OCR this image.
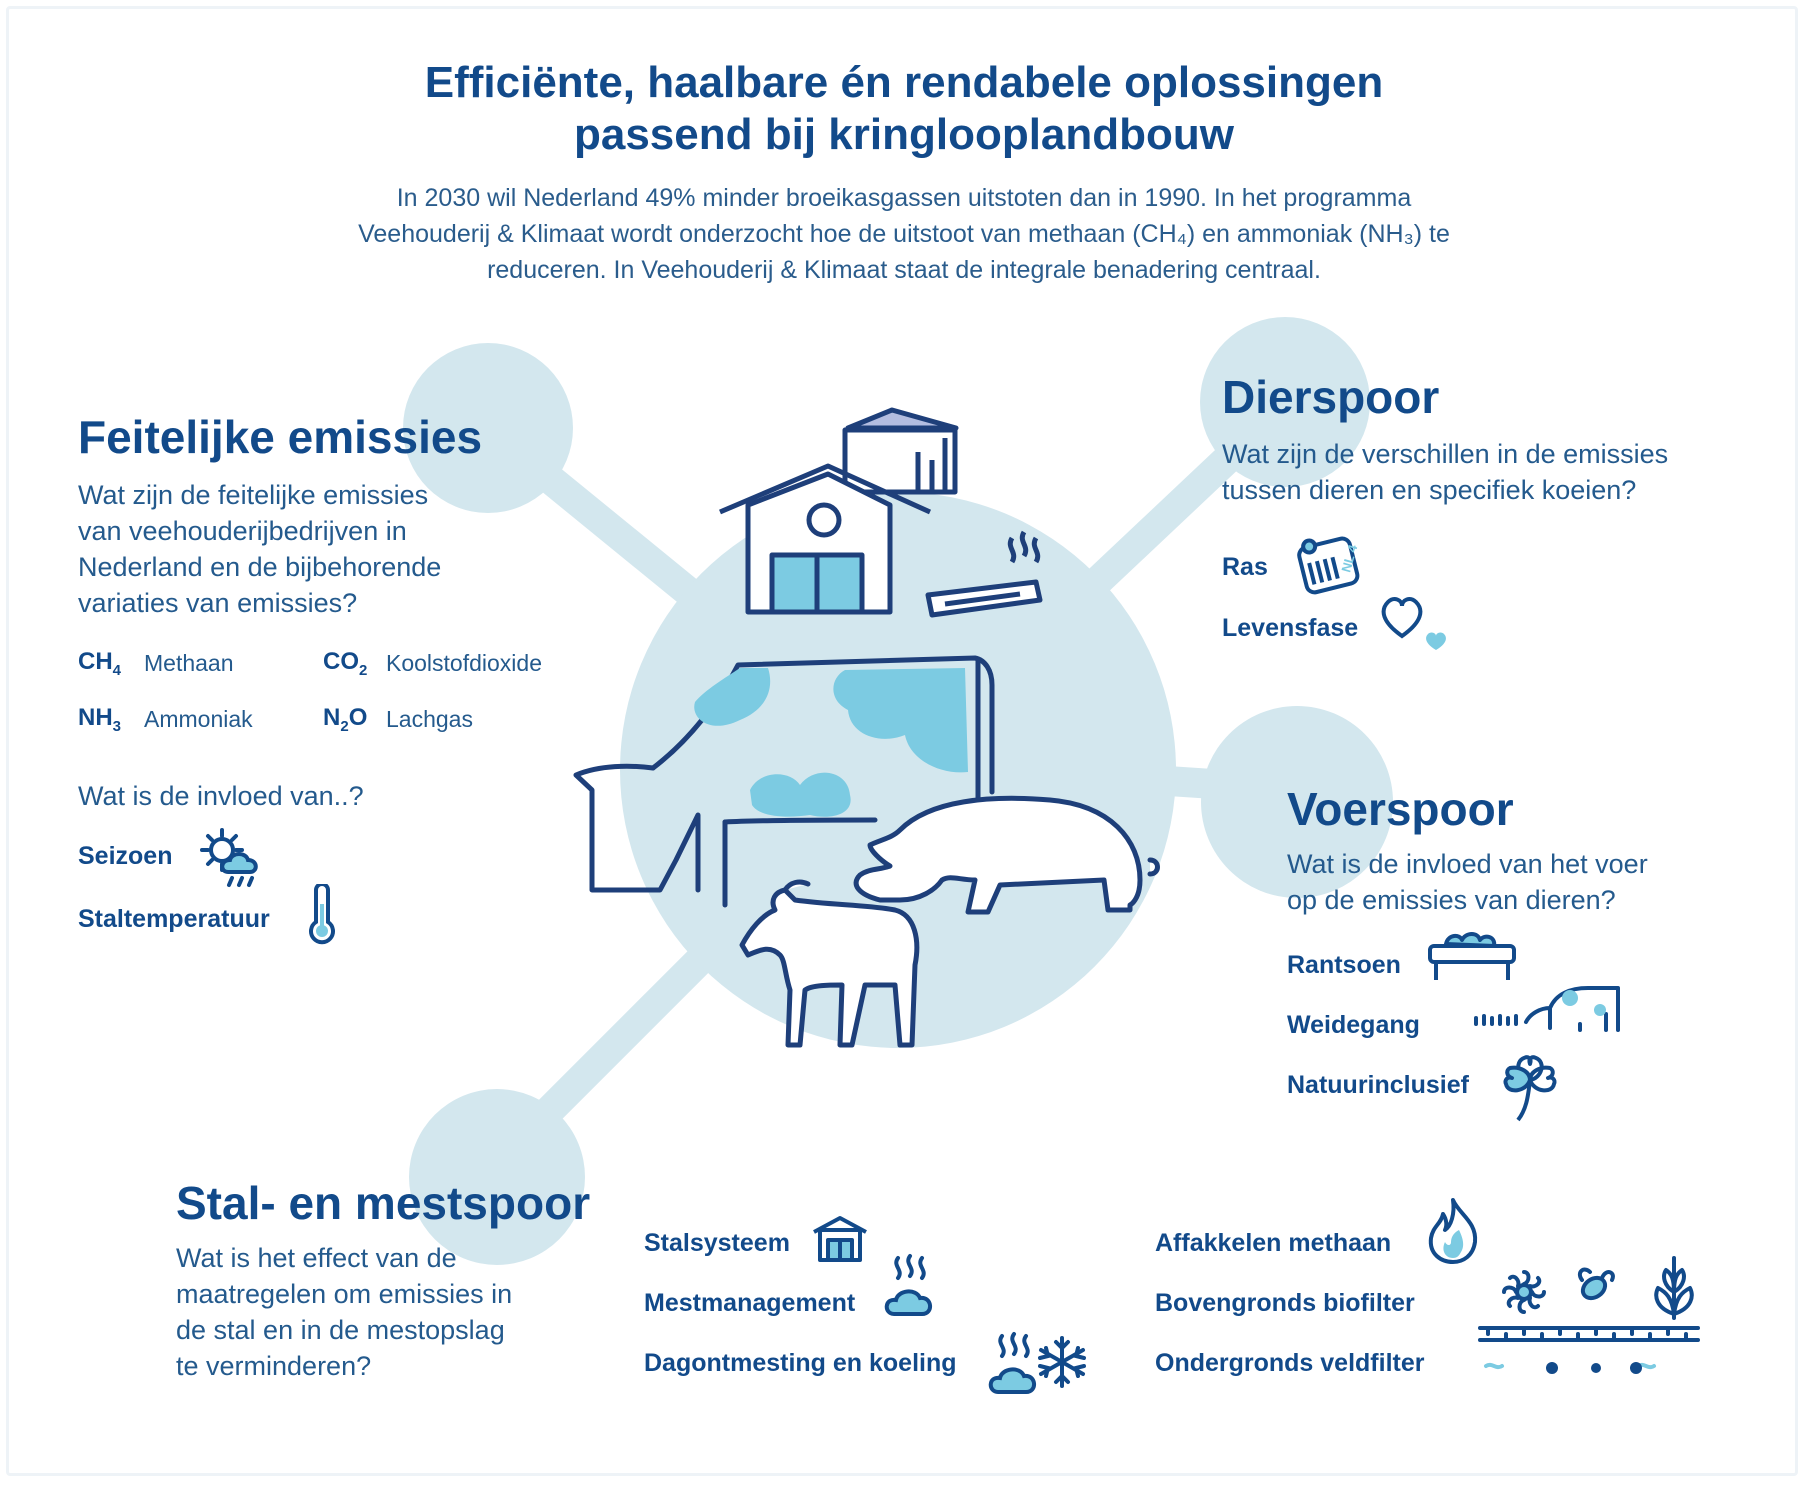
Efficiënte, haalbare én rendabele oplossingen
passend bij kringlooplandbouw
In 2030 wil Nederland 49% minder broeikasgassen uitstoten dan in 1990. In het programma
Veehouderij & Klimaat wordt onderzocht hoe de uitstoot van methaan (CH₄) en ammoniak (NH₃) te
reduceren. In Veehouderij & Klimaat staat de integrale benadering centraal.
Feitelijke emissies
Wat zijn de feitelijke emissies
van veehouderijbedrijven in
Nederland en de bijbehorende
variaties van emissies?
$CH_4$ Methaan	$CO_2$ Koolstofdioxide
$NH_3$ Ammoniak	$N_2O$ Lachgas
Wat is de invloed van..?
Seizoen
Staltemperatuur
Dierspoor
Wat zijn de verschillen in de emissies
tussen dieren en specifiek koeien?
Ras	NL 4
Levensfase
Voerspoor
Wat is de invloed van het voer
op de emissies van dieren?
Rantsoen
Weidegang
Natuurinclusief
Stal- en mestspoor
Wat is het effect van de
maatregelen om emissies in
de stal en in de mestopslag
te verminderen?
Stalsysteem
Mestmanagement
Dagontmesting en koeling
Affakkelen methaan
Bovengronds biofilter
Ondergronds veldfilter
